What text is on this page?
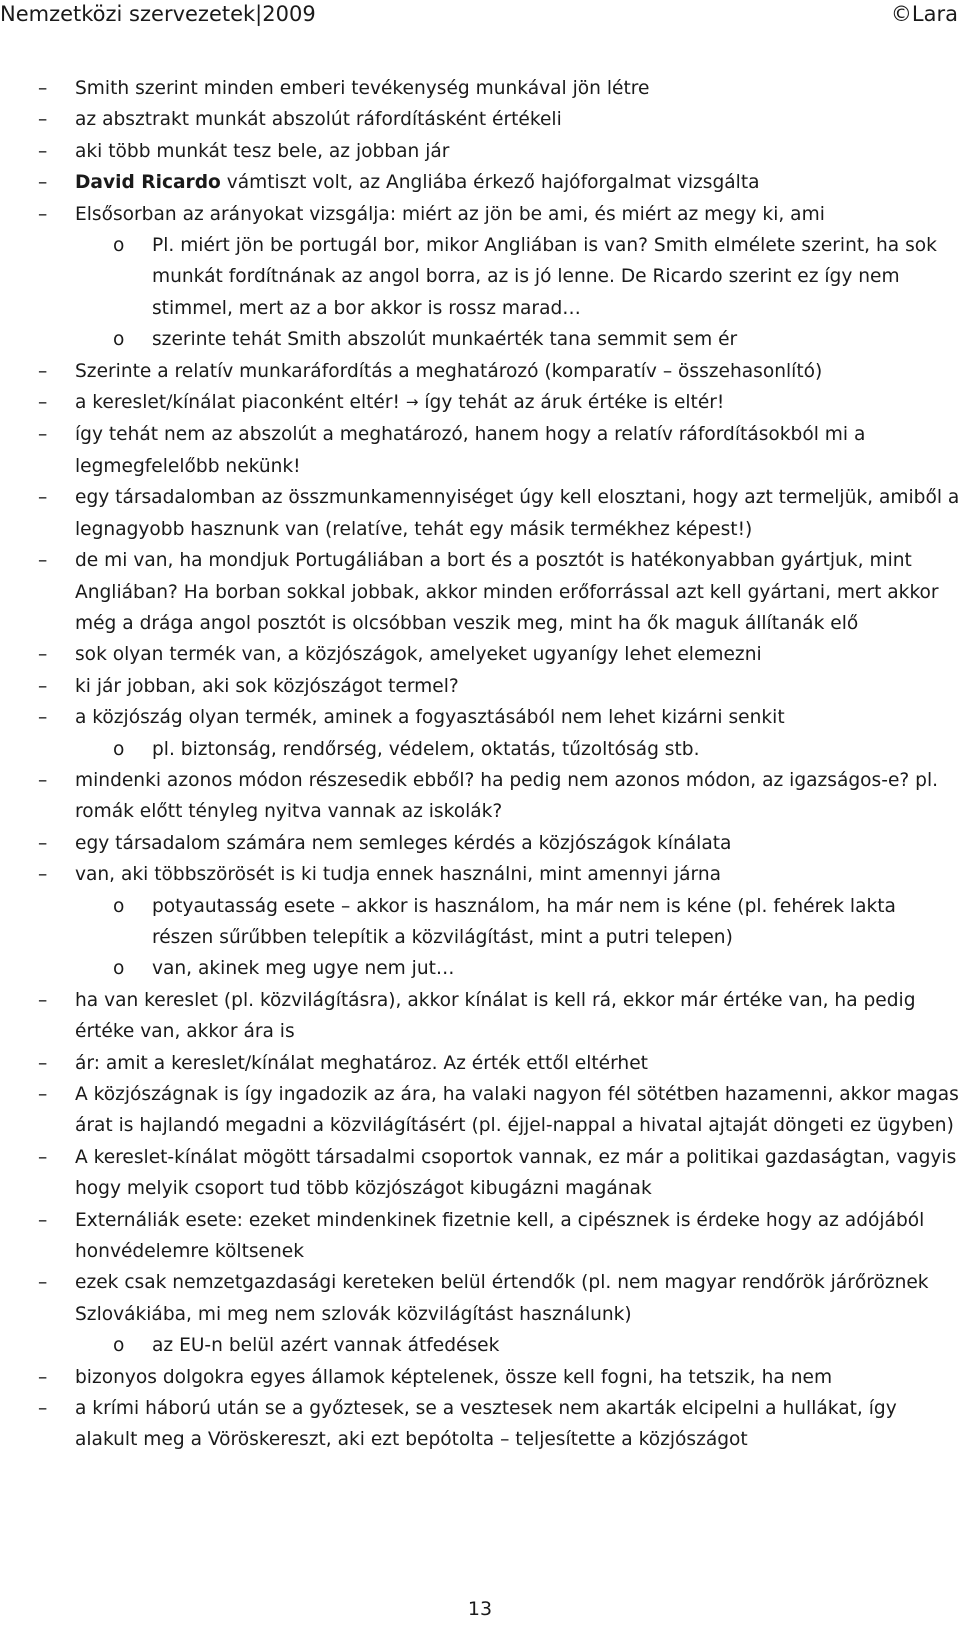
Nemzetközi szervezetek|2009	©Lara
– Smith szerint minden emberi tevékenység munkával jön létre
– az absztrakt munkát abszolút ráfordításként értékeli
– aki több munkát tesz bele, az jobban jár
– David Ricardo vámtiszt volt, az Angliába érkező hajóforgalmat vizsgálta
– Elsősorban az arányokat vizsgálja: miért az jön be ami, és miért az megy ki, ami
o Pl. miért jön be portugál bor, mikor Angliában is van? Smith elmélete szerint, ha sok munkát fordítnának az angol borra, az is jó lenne. De Ricardo szerint ez így nem stimmel, mert az a bor akkor is rossz marad…
o szerinte tehát Smith abszolút munkaérték tana semmit sem ér
– Szerinte a relatív munkaráfordítás a meghatározó (komparatív – összehasonlító)
– a kereslet/kínálat piaconként eltér! → így tehát az áruk értéke is eltér!
– így tehát nem az abszolút a meghatározó, hanem hogy a relatív ráfordításokból mi a legmegfelelőbb nekünk!
– egy társadalomban az összmunkamennyiséget úgy kell elosztani, hogy azt termeljük, amiből a legnagyobb hasznunk van (relatíve, tehát egy másik termékhez képest!)
– de mi van, ha mondjuk Portugáliában a bort és a posztót is hatékonyabban gyártjuk, mint Angliában? Ha borban sokkal jobbak, akkor minden erőforrással azt kell gyártani, mert akkor még a drága angol posztót is olcsóbban veszik meg, mint ha ők maguk állítanák elő
– sok olyan termék van, a közjószágok, amelyeket ugyanígy lehet elemezni
– ki jár jobban, aki sok közjószágot termel?
– a közjószág olyan termék, aminek a fogyasztásából nem lehet kizárni senkit
o pl. biztonság, rendőrség, védelem, oktatás, tűzoltóság stb.
– mindenki azonos módon részesedik ebből? ha pedig nem azonos módon, az igazságos-e? pl. romák előtt tényleg nyitva vannak az iskolák?
– egy társadalom számára nem semleges kérdés a közjószágok kínálata
– van, aki többszörösét is ki tudja ennek használni, mint amennyi járna
o potyautasság esete – akkor is használom, ha már nem is kéne (pl. fehérek lakta részen sűrűbben telepítik a közvilágítást, mint a putri telepen)
o van, akinek meg ugye nem jut…
– ha van kereslet (pl. közvilágításra), akkor kínálat is kell rá, ekkor már értéke van, ha pedig értéke van, akkor ára is
– ár: amit a kereslet/kínálat meghatároz. Az érték ettől eltérhet
– A közjószágnak is így ingadozik az ára, ha valaki nagyon fél sötétben hazamenni, akkor magas árat is hajlandó megadni a közvilágításért (pl. éjjel-nappal a hivatal ajtaját döngeti ez ügyben)
– A kereslet-kínálat mögött társadalmi csoportok vannak, ez már a politikai gazdaságtan, vagyis hogy melyik csoport tud több közjószágot kibugázni magának
– Externáliák esete: ezeket mindenkinek fizetnie kell, a cipésznek is érdeke hogy az adójából honvédelemre költsenek
– ezek csak nemzetgazdasági kereteken belül értendők (pl. nem magyar rendőrök járőröznek Szlovákiába, mi meg nem szlovák közvilágítást használunk)
o az EU-n belül azért vannak átfedések
– bizonyos dolgokra egyes államok képtelenek, össze kell fogni, ha tetszik, ha nem
– a krími háború után se a győztesek, se a vesztesek nem akarták elcipelni a hullákat, így alakult meg a Vöröskereszt, aki ezt bepótolta – teljesítette a közjószágot
13
